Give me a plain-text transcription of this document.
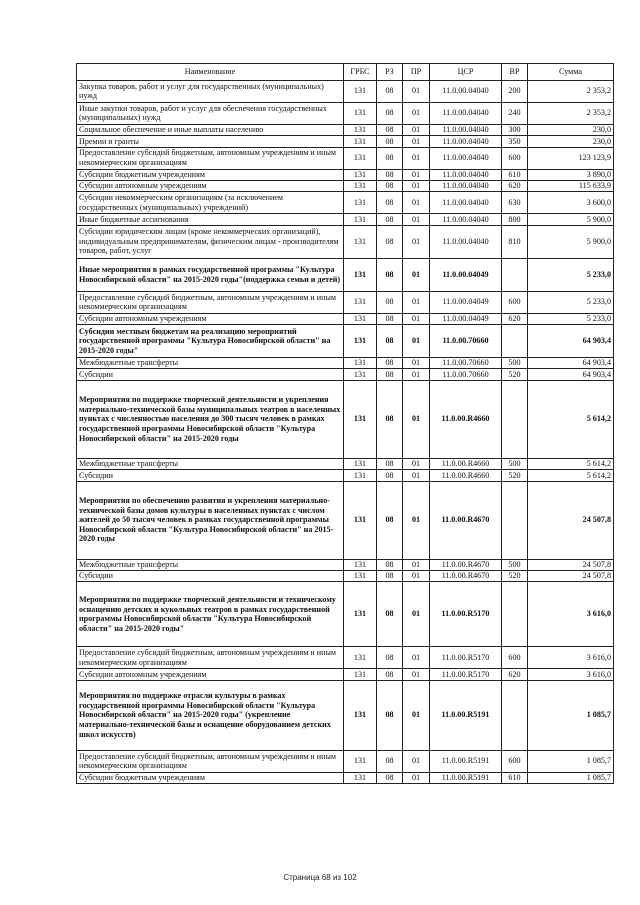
Наименование	ГРБС	РЗ	ПР	ЦСР	ВР	Сумма
Закупка товаров, работ и услуг для государственных (муниципальных) нужд	131	08	01	11.0.00.04040	200	2 353,2
Иные закупки товаров, работ и услуг для обеспечения государственных (муниципальных) нужд	131	08	01	11.0.00.04040	240	2 353,2
Социальное обеспечение и иные выплаты населению	131	08	01	11.0.00.04040	300	230,0
Премии и гранты	131	08	01	11.0.00.04040	350	230,0
Предоставление субсидий бюджетным, автономным учреждениям и иным некоммерческим организациям	131	08	01	11.0.00.04040	600	123 123,9
Субсидии бюджетным учреждениям	131	08	01	11.0.00.04040	610	3 890,0
Субсидии автономным учреждениям	131	08	01	11.0.00.04040	620	115 633,9
Субсидии некоммерческим организациям (за исключением государственных (муниципальных) учреждений)	131	08	01	11.0.00.04040	630	3 600,0
Иные бюджетные ассигнования	131	08	01	11.0.00.04040	800	5 900,0
Субсидии юридическим лицам (кроме некоммерческих организаций), индивидуальным предпринимателям, физическим лицам - производителям товаров, работ, услуг	131	08	01	11.0.00.04040	810	5 900,0
Иные мероприятия в рамках государственной программы "Культура Новосибирской области" на 2015-2020 годы"(поддержка семьи и детей)	131	08	01	11.0.00.04049		5 233,0
Предоставление субсидий бюджетным, автономным учреждениям и иным некоммерческим организациям	131	08	01	11.0.00.04049	600	5 233,0
Субсидии автономным учреждениям	131	08	01	11.0.00.04049	620	5 233,0
Субсидии местным бюджетам на реализацию мероприятий государственной программы "Культура Новосибирской области" на 2015-2020 годы"	131	08	01	11.0.00.70660		64 903,4
Межбюджетные трансферты	131	08	01	11.0.00.70660	500	64 903,4
Субсидии	131	08	01	11.0.00.70660	520	64 903,4
Мероприятия по поддержке творческой деятельности и укрепления материально-технической базы муниципальных театров в населенных пунктах с численностью населения до 300 тысяч человек в рамках государственной программы Новосибирской области "Культура Новосибирской области" на 2015-2020 годы	131	08	01	11.0.00.R4660		5 614,2
Межбюджетные трансферты	131	08	01	11.0.00.R4660	500	5 614,2
Субсидии	131	08	01	11.0.00.R4660	520	5 614,2
Мероприятия по обеспечению развития и укрепления материально-технической базы домов культуры в населенных пунктах с числом жителей до 50 тысяч человек в рамках государственной программы Новосибирской области "Культура Новосибирской области" на 2015-2020 годы	131	08	01	11.0.00.R4670		24 507,8
Межбюджетные трансферты	131	08	01	11.0.00.R4670	500	24 507,8
Субсидии	131	08	01	11.0.00.R4670	520	24 507,8
Мероприятия по поддержке творческой деятельности и техническому оснащению детских и кукольных театров в рамках государственной программы Новосибирской области "Культура Новосибирской области" на 2015-2020 годы"	131	08	01	11.0.00.R5170		3 616,0
Предоставление субсидий бюджетным, автономным учреждениям и иным некоммерческим организациям	131	08	01	11.0.00.R5170	600	3 616,0
Субсидии автономным учреждениям	131	08	01	11.0.00.R5170	620	3 616,0
Мероприятия по поддержке отрасли культуры в рамках государственной программы Новосибирской области "Культура Новосибирской области" на 2015-2020 годы" (укрепление материально-технической базы и оснащение оборудованием детских школ искусств)	131	08	01	11.0.00.R5191		1 085,7
Предоставление субсидий бюджетным, автономным учреждениям и иным некоммерческим организациям	131	08	01	11.0.00.R5191	600	1 085,7
Субсидии бюджетным учреждениям	131	08	01	11.0.00.R5191	610	1 085,7
Страница 68 из 102
